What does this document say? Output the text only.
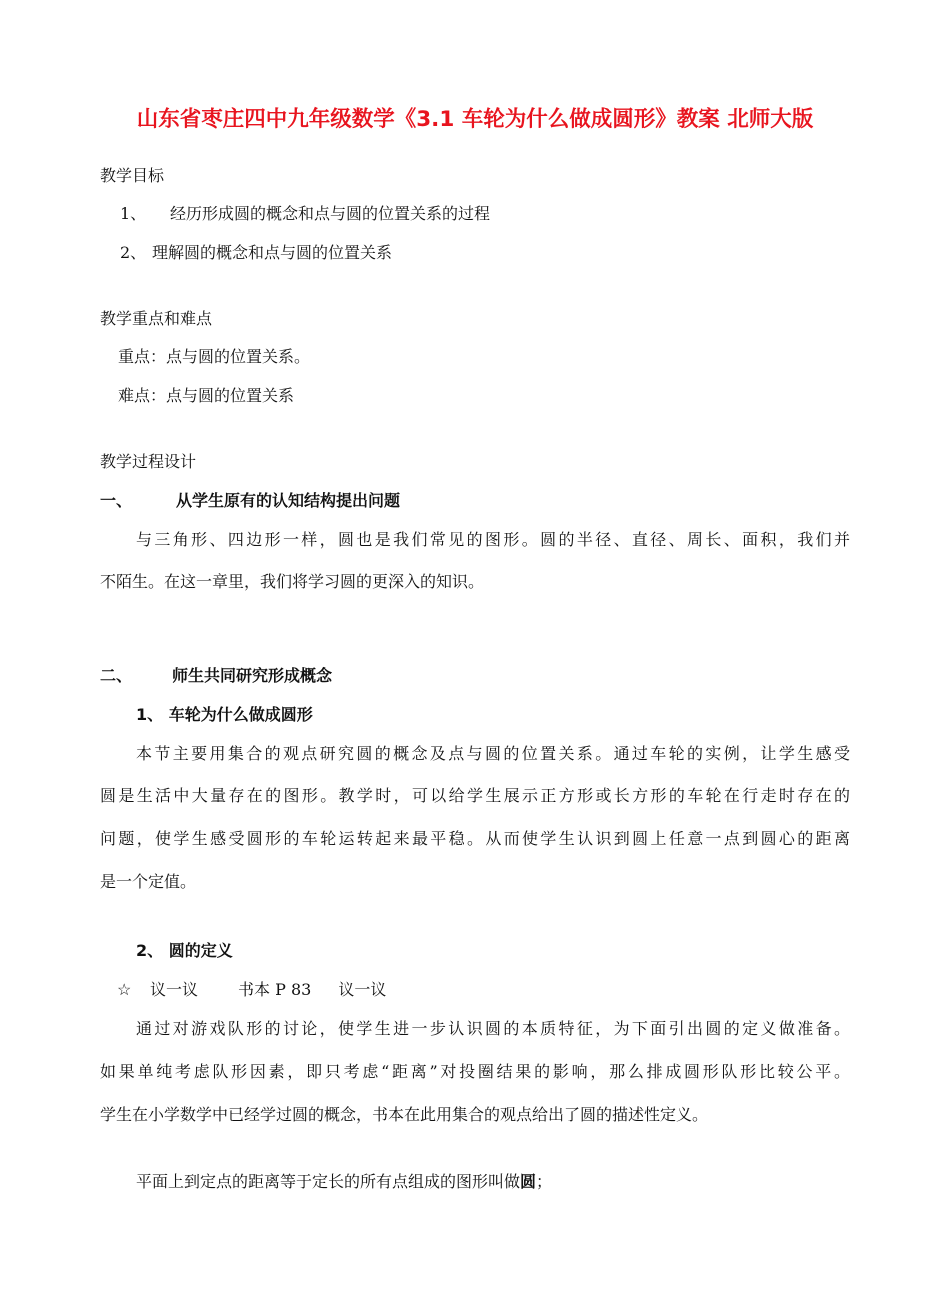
山东省枣庄四中九年级数学《3.1 车轮为什么做成圆形》教案 北师大版

教学目标

1、 经历形成圆的概念和点与圆的位置关系的过程

2、 理解圆的概念和点与圆的位置关系

教学重点和难点

重点：点与圆的位置关系。

难点：点与圆的位置关系

教学过程设计

一、	从学生原有的认知结构提出问题

与三角形、四边形一样，圆也是我们常见的图形。圆的半径、直径、周长、面积，我们并

不陌生。在这一章里，我们将学习圆的更深入的知识。

二、 师生共同研究形成概念

1、 车轮为什么做成圆形

本节主要用集合的观点研究圆的概念及点与圆的位置关系。通过车轮的实例，让学生感受

圆是生活中大量存在的图形。教学时，可以给学生展示正方形或长方形的车轮在行走时存在的

问题，使学生感受圆形的车轮运转起来最平稳。从而使学生认识到圆上任意一点到圆心的距离

是一个定值。

2、 圆的定义

☆ 议一议	书本 P 83 议一议

通过对游戏队形的讨论，使学生进一步认识圆的本质特征，为下面引出圆的定义做准备。

如果单纯考虑队形因素，即只考虑“距离”对投圈结果的影响，那么排成圆形队形比较公平。

学生在小学数学中已经学过圆的概念，书本在此用集合的观点给出了圆的描述性定义。

平面上到定点的距离等于定长的所有点组成的图形叫做圆；
